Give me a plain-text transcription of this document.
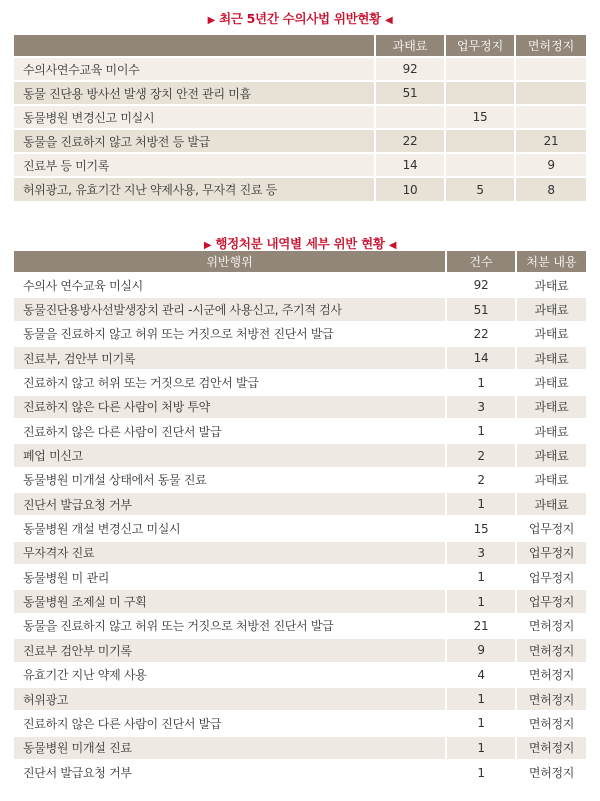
▶ 최근 5년간 수의사법 위반현황 ◀
	과태료	업무정지	면허정지
수의사연수교육 미이수	92		
동물 진단용 방사선 발생 장치 안전 관리 미흡	51		
동물병원 변경신고 미실시		15	
동물을 진료하지 않고 처방전 등 발급	22		21
진료부 등 미기록	14		9
허위광고, 유효기간 지난 약제사용, 무자격 진료 등	10	5	8
▶ 행정처분 내역별 세부 위반 현황 ◀
위반행위	건수	처분 내용
수의사 연수교육 미실시	92	과태료
동물진단용방사선발생장치 관리 -시군에 사용신고, 주기적 검사	51	과태료
동물을 진료하지 않고 허위 또는 거짓으로 처방전 진단서 발급	22	과태료
진료부, 검안부 미기록	14	과태료
진료하지 않고 허위 또는 거짓으로 검안서 발급	1	과태료
진료하지 않은 다른 사람이 처방 투약	3	과태료
진료하지 않은 다른 사람이 진단서 발급	1	과태료
폐업 미신고	2	과태료
동물병원 미개설 상태에서 동물 진료	2	과태료
진단서 발급요청 거부	1	과태료
동물병원 개설 변경신고 미실시	15	업무정지
무자격자 진료	3	업무정지
동물병원 미 관리	1	업무정지
동물병원 조제실 미 구획	1	업무정지
동물을 진료하지 않고 허위 또는 거짓으로 처방전 진단서 발급	21	면허정지
진료부 검안부 미기록	9	면허정지
유효기간 지난 약제 사용	4	면허정지
허위광고	1	면허정지
진료하지 않은 다른 사람이 진단서 발급	1	면허정지
동물병원 미개설 진료	1	면허정지
진단서 발급요청 거부	1	면허정지
